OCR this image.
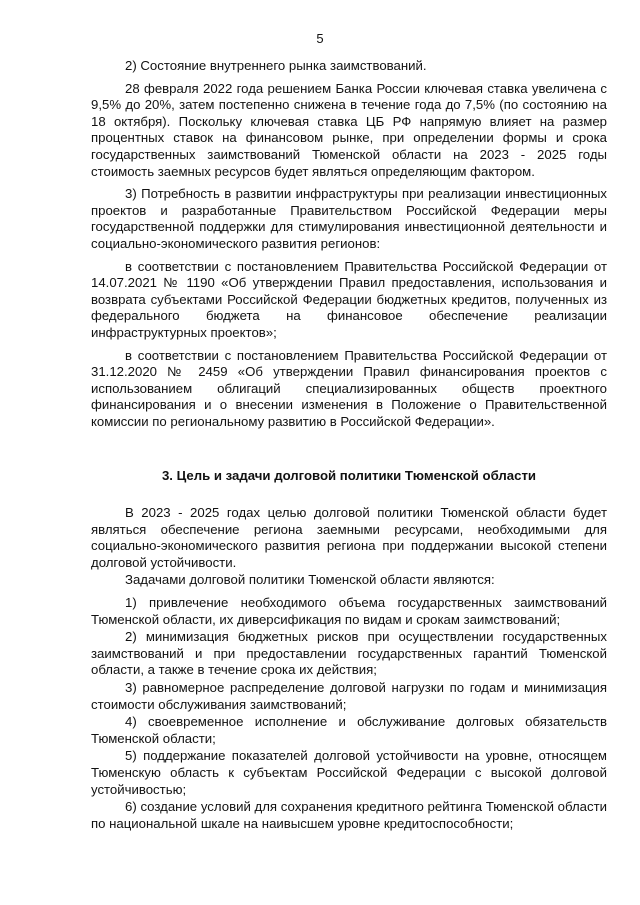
5

2) Состояние внутреннего рынка заимствований.

28 февраля 2022 года решением Банка России ключевая ставка увеличена с 9,5% до 20%, затем постепенно снижена в течение года до 7,5% (по состоянию на 18 октября). Поскольку ключевая ставка ЦБ РФ напрямую влияет на размер процентных ставок на финансовом рынке, при определении формы и срока государственных заимствований Тюменской области на 2023 - 2025 годы стоимость заемных ресурсов будет являться определяющим фактором.

3) Потребность в развитии инфраструктуры при реализации инвестиционных проектов и разработанные Правительством Российской Федерации меры государственной поддержки для стимулирования инвестиционной деятельности и социально-экономического развития регионов:

в соответствии с постановлением Правительства Российской Федерации от 14.07.2021 № 1190 «Об утверждении Правил предоставления, использования и возврата субъектами Российской Федерации бюджетных кредитов, полученных из федерального бюджета на финансовое обеспечение реализации инфраструктурных проектов»;

в соответствии с постановлением Правительства Российской Федерации от 31.12.2020 № 2459 «Об утверждении Правил финансирования проектов с использованием облигаций специализированных обществ проектного финансирования и о внесении изменения в Положение о Правительственной комиссии по региональному развитию в Российской Федерации».

3. Цель и задачи долговой политики Тюменской области

В 2023 - 2025 годах целью долговой политики Тюменской области будет являться обеспечение региона заемными ресурсами, необходимыми для социально-экономического развития региона при поддержании высокой степени долговой устойчивости.

Задачами долговой политики Тюменской области являются:

1) привлечение необходимого объема государственных заимствований Тюменской области, их диверсификация по видам и срокам заимствований;

2) минимизация бюджетных рисков при осуществлении государственных заимствований и при предоставлении государственных гарантий Тюменской области, а также в течение срока их действия;

3) равномерное распределение долговой нагрузки по годам и минимизация стоимости обслуживания заимствований;

4) своевременное исполнение и обслуживание долговых обязательств Тюменской области;

5) поддержание показателей долговой устойчивости на уровне, относящем Тюменскую область к субъектам Российской Федерации с высокой долговой устойчивостью;

6) создание условий для сохранения кредитного рейтинга Тюменской области по национальной шкале на наивысшем уровне кредитоспособности;
